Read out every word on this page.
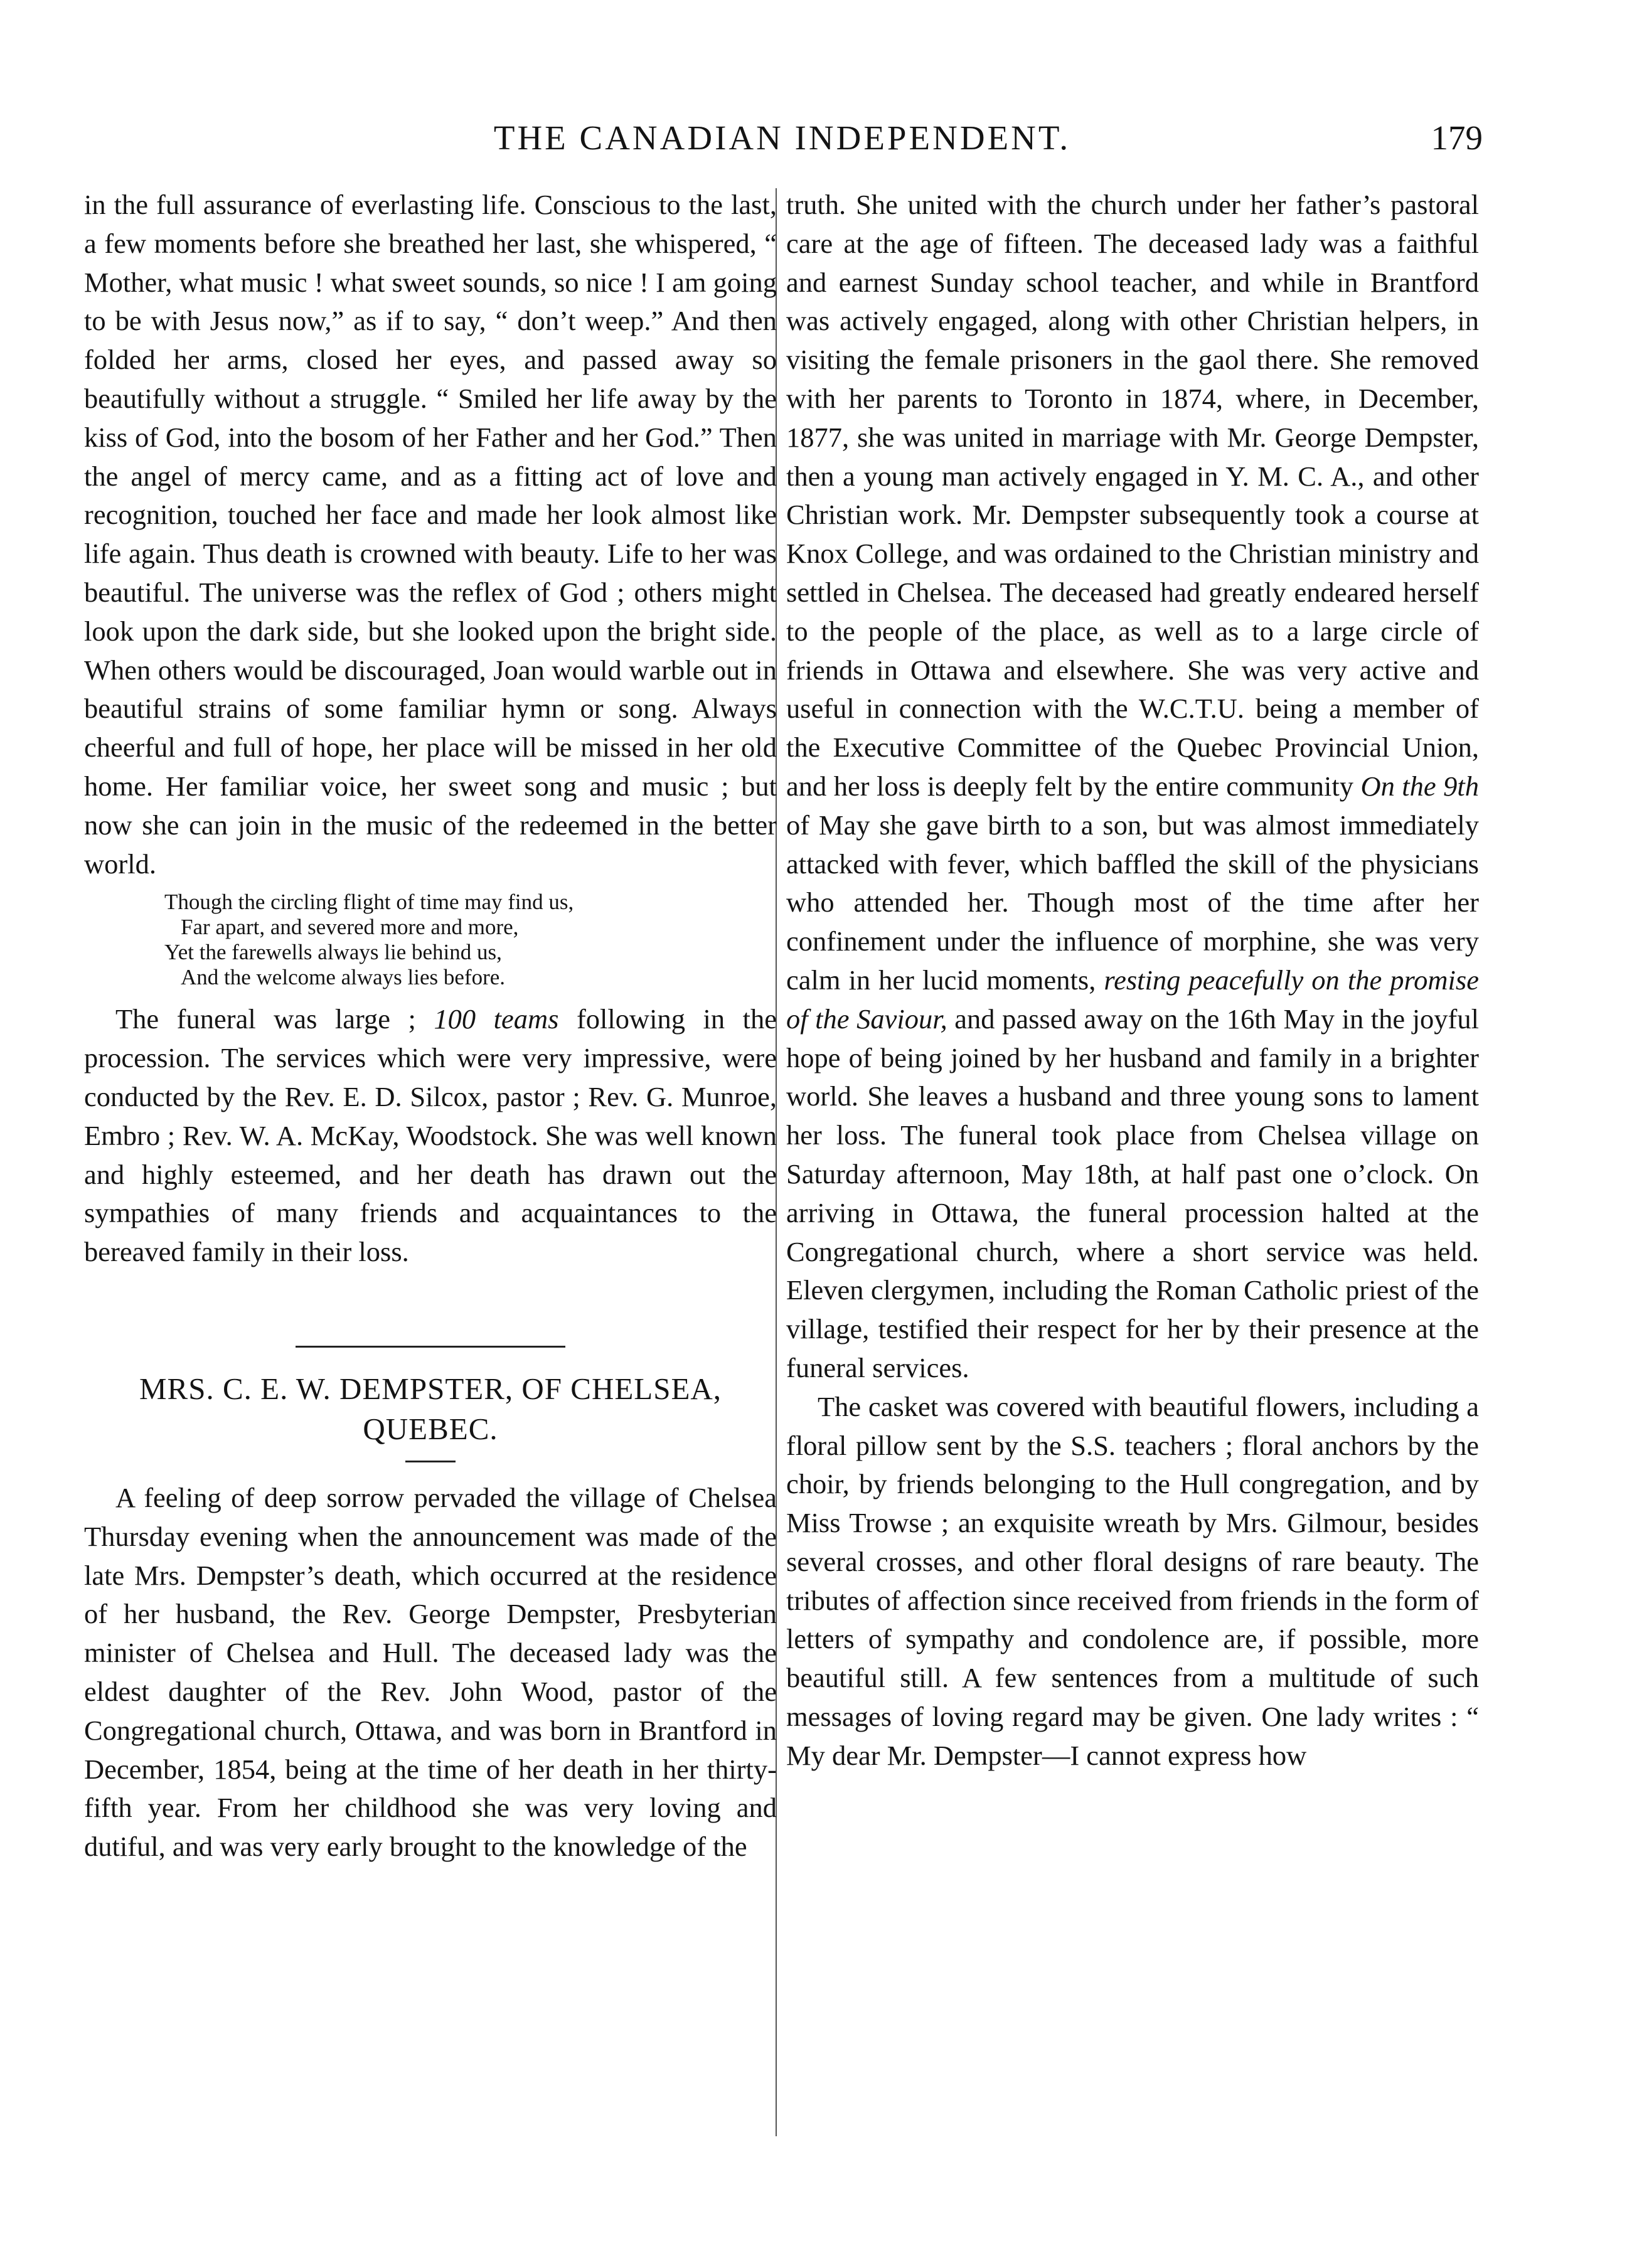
THE CANADIAN INDEPENDENT.	179

in the full assurance of everlasting life. Conscious to the last, a few moments before she breathed her last, she whispered, “ Mother, what music ! what sweet sounds, so nice ! I am going to be with Jesus now,” as if to say, “ don’t weep.” And then folded her arms, closed her eyes, and passed away so beautifully without a struggle. “ Smiled her life away by the kiss of God, into the bosom of her Father and her God.” Then the angel of mercy came, and as a fitting act of love and recognition, touched her face and made her look almost like life again. Thus death is crowned with beauty. Life to her was beautiful. The universe was the reflex of God ; others might look upon the dark side, but she looked upon the bright side. When others would be discouraged, Joan would warble out in beautiful strains of some familiar hymn or song. Always cheerful and full of hope, her place will be missed in her old home. Her familiar voice, her sweet song and music ; but now she can join in the music of the redeemed in the better world.

Though the circling flight of time may find us,
Far apart, and severed more and more,
Yet the farewells always lie behind us,
And the welcome always lies before.

The funeral was large ; 100 teams following in the procession. The services which were very impressive, were conducted by the Rev. E. D. Silcox, pastor ; Rev. G. Munroe, Embro ; Rev. W. A. McKay, Woodstock. She was well known and highly esteemed, and her death has drawn out the sympathies of many friends and acquaintances to the bereaved family in their loss.

MRS. C. E. W. DEMPSTER, OF CHELSEA, QUEBEC.

A feeling of deep sorrow pervaded the village of Chelsea Thursday evening when the announcement was made of the late Mrs. Dempster’s death, which occurred at the residence of her husband, the Rev. George Dempster, Presbyterian minister of Chelsea and Hull. The deceased lady was the eldest daughter of the Rev. John Wood, pastor of the Congregational church, Ottawa, and was born in Brantford in December, 1854, being at the time of her death in her thirty-fifth year. From her childhood she was very loving and dutiful, and was very early brought to the knowledge of the

truth. She united with the church under her father’s pastoral care at the age of fifteen. The deceased lady was a faithful and earnest Sunday school teacher, and while in Brantford was actively engaged, along with other Christian helpers, in visiting the female prisoners in the gaol there. She removed with her parents to Toronto in 1874, where, in December, 1877, she was united in marriage with Mr. George Dempster, then a young man actively engaged in Y. M. C. A., and other Christian work. Mr. Dempster subsequently took a course at Knox College, and was ordained to the Christian ministry and settled in Chelsea. The deceased had greatly endeared herself to the people of the place, as well as to a large circle of friends in Ottawa and elsewhere. She was very active and useful in connection with the W.C.T.U. being a member of the Executive Committee of the Quebec Provincial Union, and her loss is deeply felt by the entire community On the 9th of May she gave birth to a son, but was almost immediately attacked with fever, which baffled the skill of the physicians who attended her. Though most of the time after her confinement under the influence of morphine, she was very calm in her lucid moments, resting peacefully on the promise of the Saviour, and passed away on the 16th May in the joyful hope of being joined by her husband and family in a brighter world. She leaves a husband and three young sons to lament her loss. The funeral took place from Chelsea village on Saturday afternoon, May 18th, at half past one o’clock. On arriving in Ottawa, the funeral procession halted at the Congregational church, where a short service was held. Eleven clergymen, including the Roman Catholic priest of the village, testified their respect for her by their presence at the funeral services.

The casket was covered with beautiful flowers, including a floral pillow sent by the S.S. teachers ; floral anchors by the choir, by friends belonging to the Hull congregation, and by Miss Trowse ; an exquisite wreath by Mrs. Gilmour, besides several crosses, and other floral designs of rare beauty. The tributes of affection since received from friends in the form of letters of sympathy and condolence are, if possible, more beautiful still. A few sentences from a multitude of such messages of loving regard may be given. One lady writes : “ My dear Mr. Dempster—I cannot express how
